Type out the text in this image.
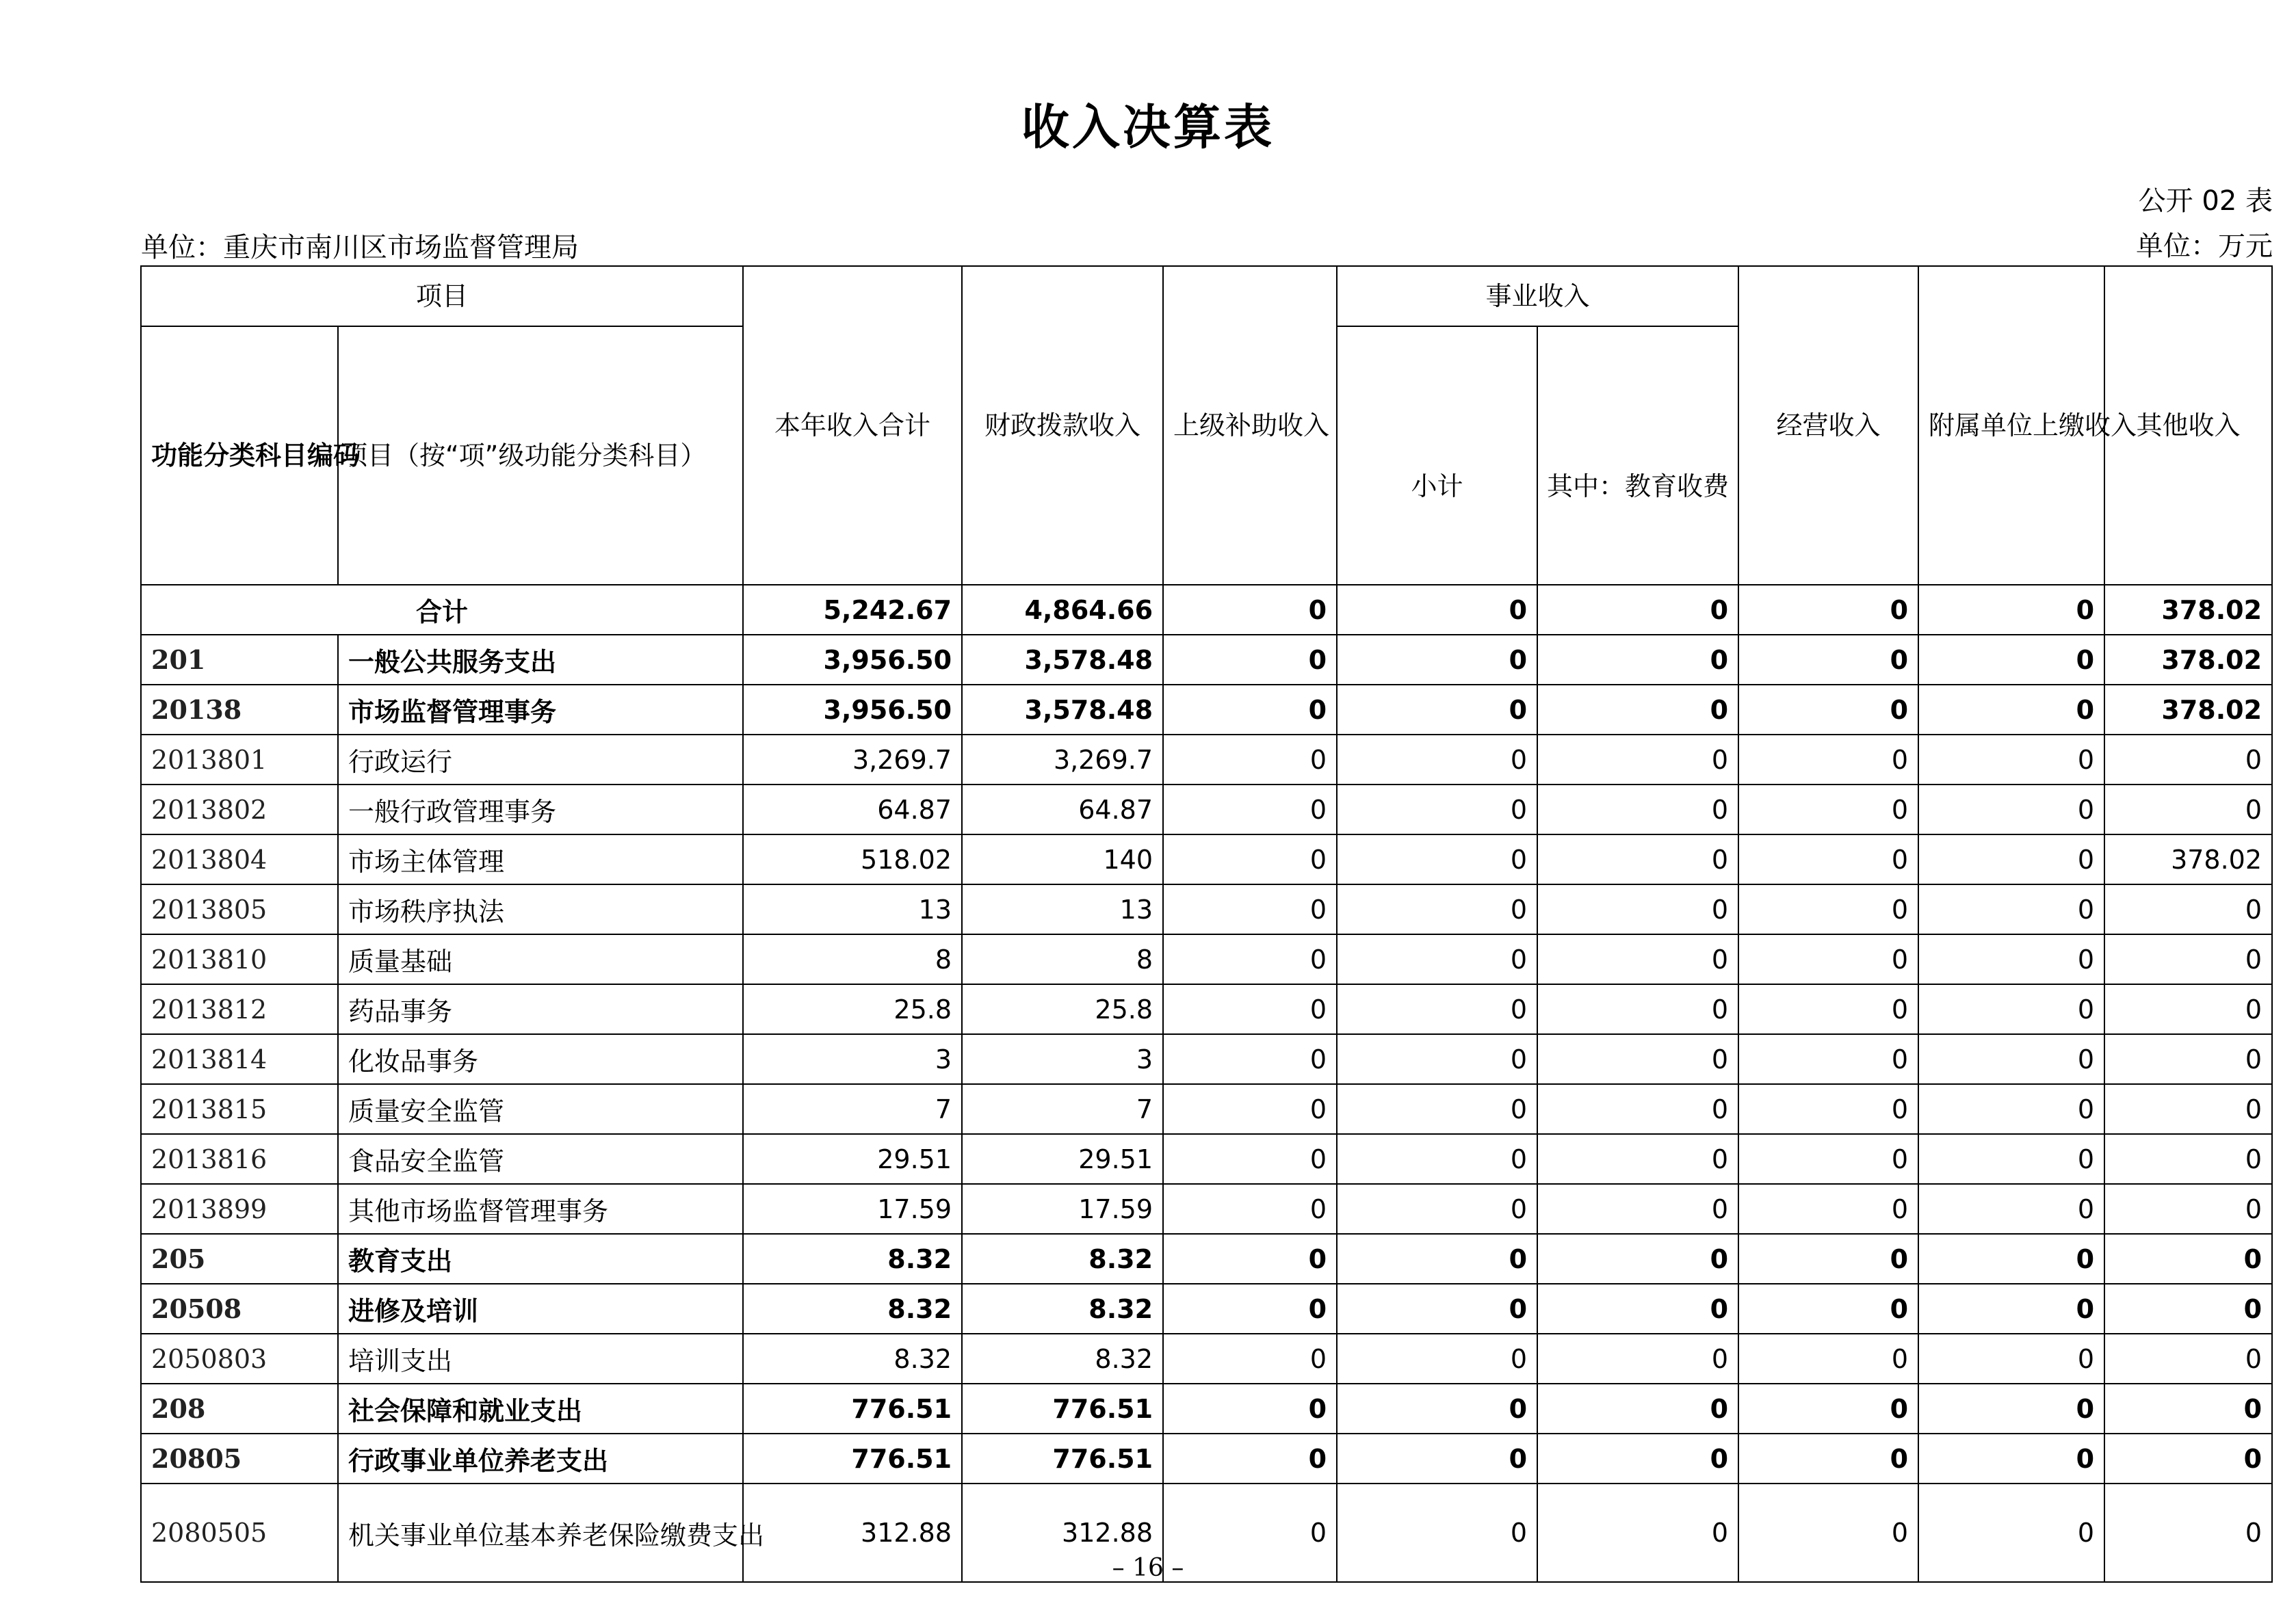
收入决算表
公开 02 表
单位：重庆市南川区市场监督管理局	单位：万元
项目		本年收入合计	财政拨款收入	上级补助收入	事业收入		经营收入	附属单位上缴收入	其他收入
功能分类科目编码	项目（按“项”级功能分类科目）				小计	其中：教育收费			
合计		5,242.67	4,864.66	0	0	0	0	0	378.02
201	一般公共服务支出	3,956.50	3,578.48	0	0	0	0	0	378.02
20138	市场监督管理事务	3,956.50	3,578.48	0	0	0	0	0	378.02
2013801	行政运行	3,269.7	3,269.7	0	0	0	0	0	0
2013802	一般行政管理事务	64.87	64.87	0	0	0	0	0	0
2013804	市场主体管理	518.02	140	0	0	0	0	0	378.02
2013805	市场秩序执法	13	13	0	0	0	0	0	0
2013810	质量基础	8	8	0	0	0	0	0	0
2013812	药品事务	25.8	25.8	0	0	0	0	0	0
2013814	化妆品事务	3	3	0	0	0	0	0	0
2013815	质量安全监管	7	7	0	0	0	0	0	0
2013816	食品安全监管	29.51	29.51	0	0	0	0	0	0
2013899	其他市场监督管理事务	17.59	17.59	0	0	0	0	0	0
205	教育支出	8.32	8.32	0	0	0	0	0	0
20508	进修及培训	8.32	8.32	0	0	0	0	0	0
2050803	培训支出	8.32	8.32	0	0	0	0	0	0
208	社会保障和就业支出	776.51	776.51	0	0	0	0	0	0
20805	行政事业单位养老支出	776.51	776.51	0	0	0	0	0	0
2080505	机关事业单位基本养老保险缴费支出	312.88	312.88	0	0	0	0	0	0
– 16 –
